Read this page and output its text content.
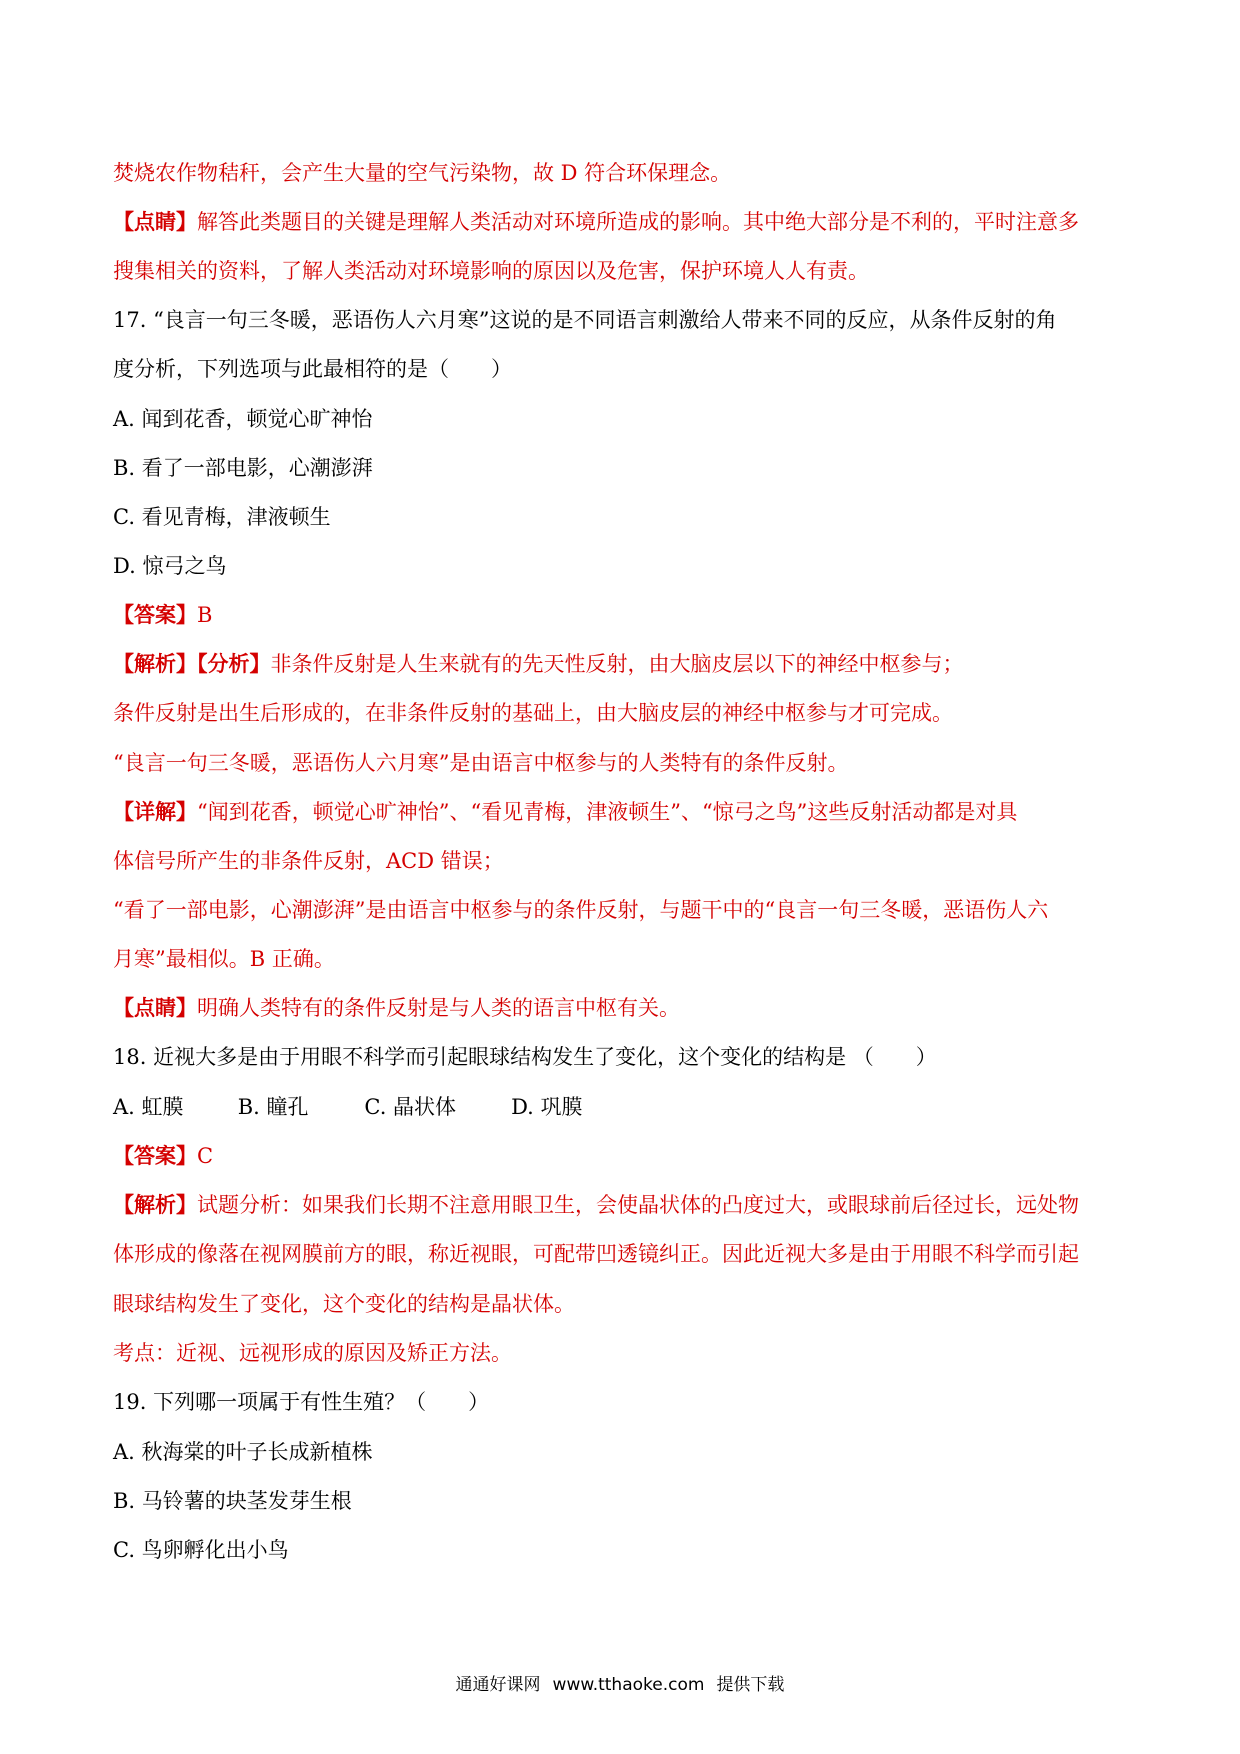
焚烧农作物秸秆，会产生大量的空气污染物，故 D 符合环保理念。
【点睛】解答此类题目的关键是理解人类活动对环境所造成的影响。其中绝大部分是不利的，平时注意多
搜集相关的资料，了解人类活动对环境影响的原因以及危害，保护环境人人有责。
17. “良言一句三冬暖，恶语伤人六月寒”这说的是不同语言刺激给人带来不同的反应，从条件反射的角
度分析，下列选项与此最相符的是（　　）
A. 闻到花香，顿觉心旷神怡
B. 看了一部电影，心潮澎湃
C. 看见青梅，津液顿生
D. 惊弓之鸟
【答案】B
【解析】【分析】非条件反射是人生来就有的先天性反射，由大脑皮层以下的神经中枢参与；
条件反射是出生后形成的，在非条件反射的基础上，由大脑皮层的神经中枢参与才可完成。
“良言一句三冬暖，恶语伤人六月寒”是由语言中枢参与的人类特有的条件反射。
【详解】“闻到花香，顿觉心旷神怡”、“看见青梅，津液顿生”、“惊弓之鸟”这些反射活动都是对具
体信号所产生的非条件反射，ACD 错误；
“看了一部电影，心潮澎湃”是由语言中枢参与的条件反射，与题干中的“良言一句三冬暖，恶语伤人六
月寒”最相似。B 正确。
【点睛】明确人类特有的条件反射是与人类的语言中枢有关。
18. 近视大多是由于用眼不科学而引起眼球结构发生了变化，这个变化的结构是 （　　）
A. 虹膜	B. 瞳孔	C. 晶状体	D. 巩膜
【答案】C
【解析】试题分析：如果我们长期不注意用眼卫生，会使晶状体的凸度过大，或眼球前后径过长，远处物
体形成的像落在视网膜前方的眼，称近视眼，可配带凹透镜纠正。因此近视大多是由于用眼不科学而引起
眼球结构发生了变化，这个变化的结构是晶状体。
考点：近视、远视形成的原因及矫正方法。
19. 下列哪一项属于有性生殖？（　　）
A. 秋海棠的叶子长成新植株
B. 马铃薯的块茎发芽生根
C. 鸟卵孵化出小鸟
通通好课网 www.tthaoke.com 提供下载
